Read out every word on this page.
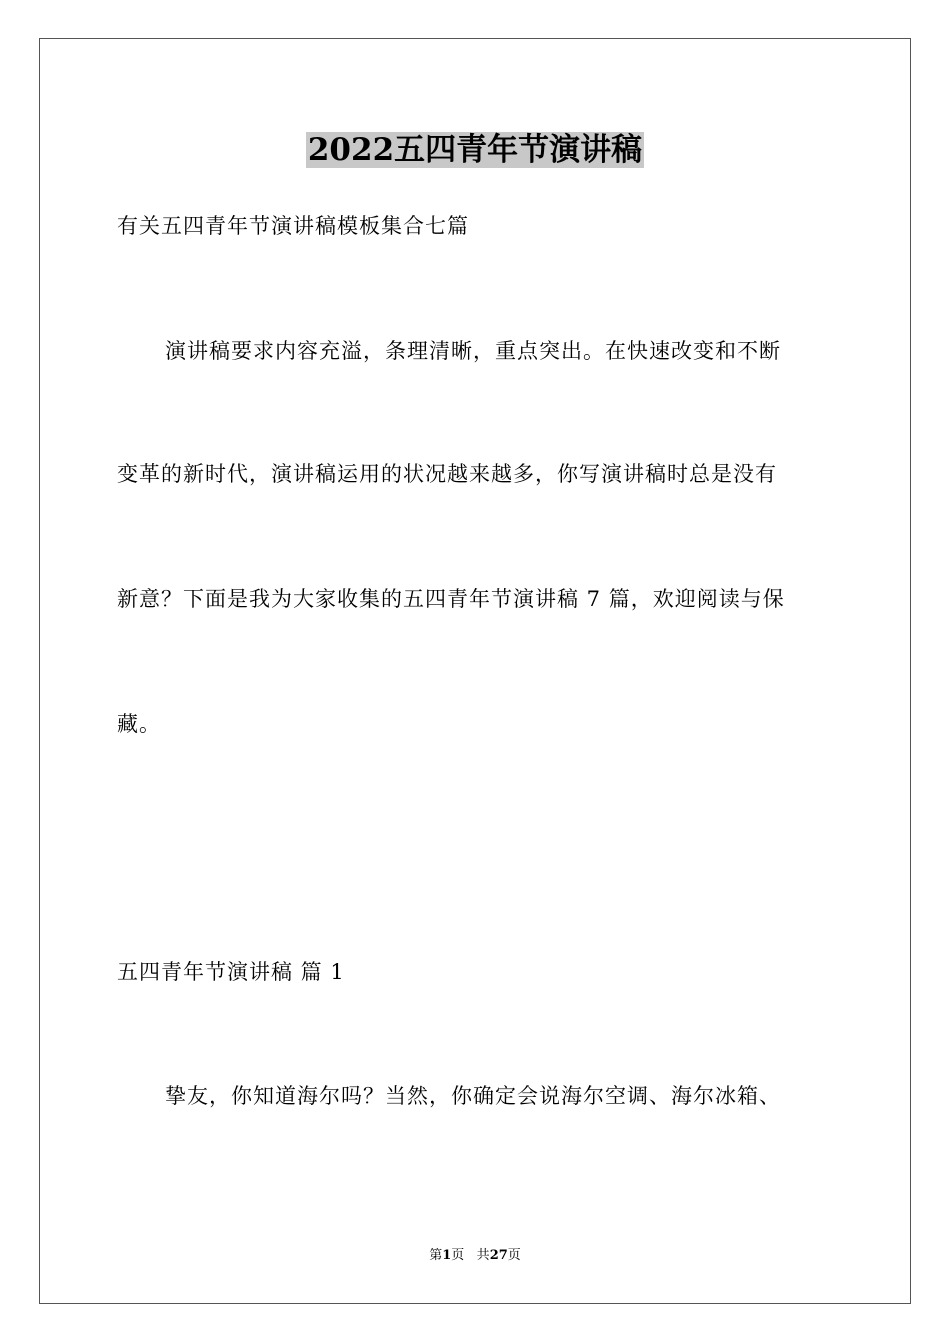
2022五四青年节演讲稿
有关五四青年节演讲稿模板集合七篇
演讲稿要求内容充溢，条理清晰，重点突出。在快速改变和不断
变革的新时代，演讲稿运用的状况越来越多，你写演讲稿时总是没有
新意？下面是我为大家收集的五四青年节演讲稿 7 篇，欢迎阅读与保
藏。
五四青年节演讲稿 篇 1
挚友，你知道海尔吗？当然，你确定会说海尔空调、海尔冰箱、
第1页 共27页
